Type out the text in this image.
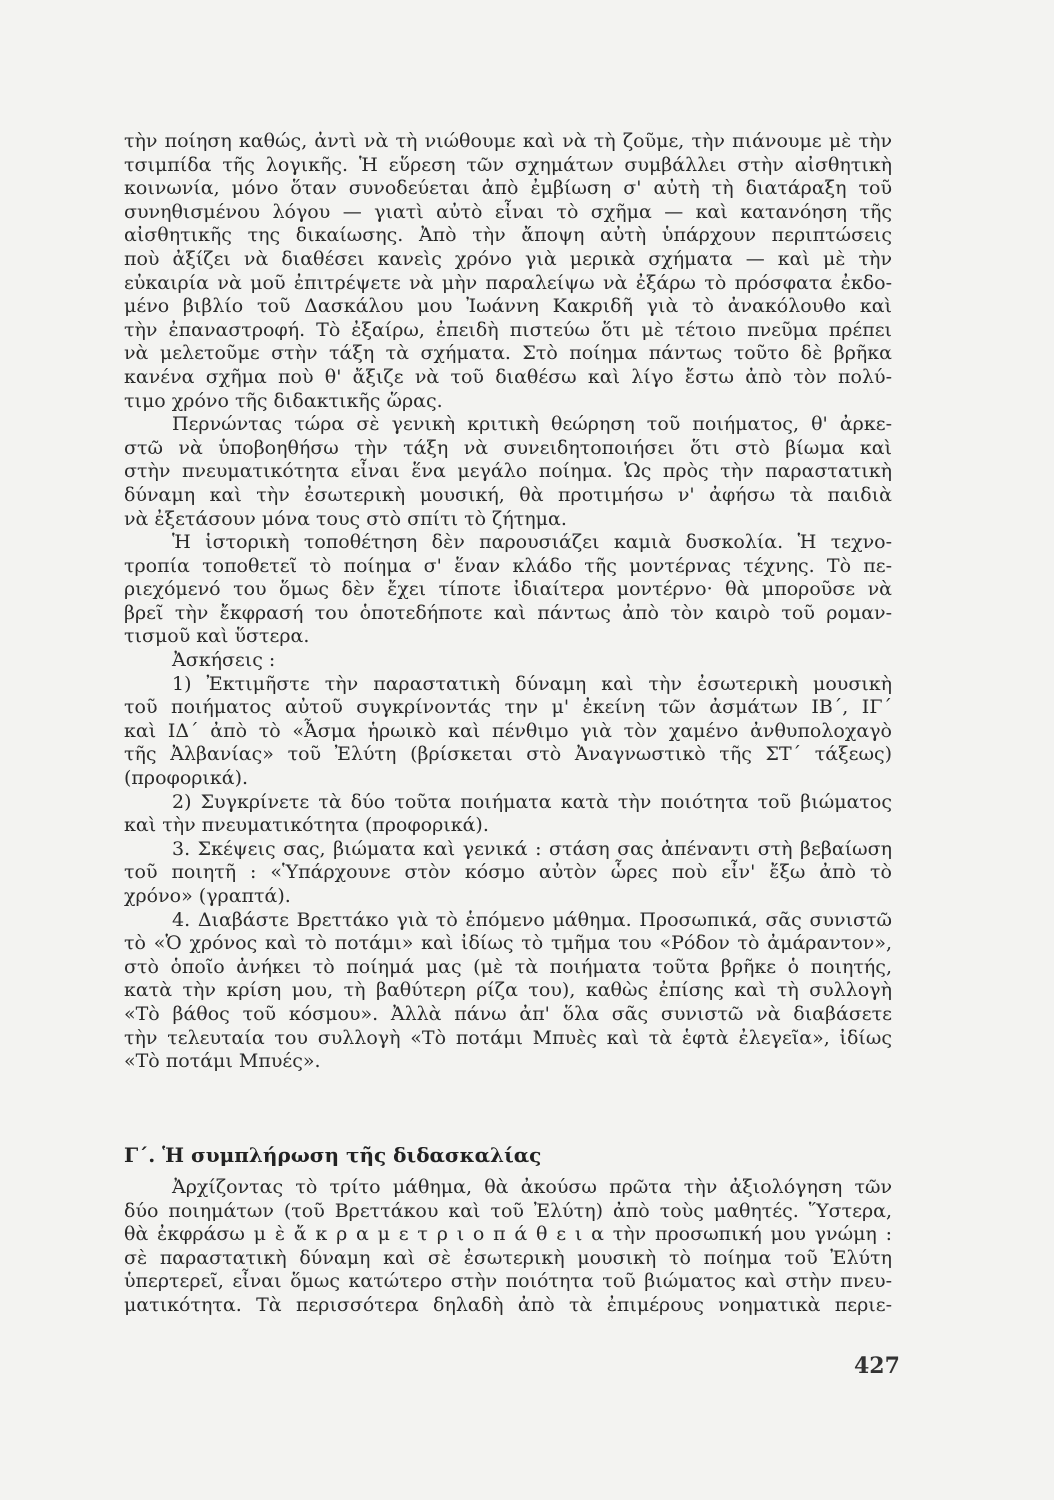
τὴν ποίηση καθώς, ἀντὶ νὰ τὴ νιώθουμε καὶ νὰ τὴ ζοῦμε, τὴν πιάνουμε μὲ τὴν
τσιμπίδα τῆς λογικῆς. Ἡ εὕρεση τῶν σχημάτων συμβάλλει στὴν αἰσθητικὴ
κοινωνία, μόνο ὅταν συνοδεύεται ἀπὸ ἐμβίωση σ' αὐτὴ τὴ διατάραξη τοῦ
συνηθισμένου λόγου — γιατὶ αὐτὸ εἶναι τὸ σχῆμα — καὶ κατανόηση τῆς
αἰσθητικῆς της δικαίωσης. Ἀπὸ τὴν ἄποψη αὐτὴ ὑπάρχουν περιπτώσεις
ποὺ ἀξίζει νὰ διαθέσει κανεὶς χρόνο γιὰ μερικὰ σχήματα — καὶ μὲ τὴν
εὐκαιρία νὰ μοῦ ἐπιτρέψετε νὰ μὴν παραλείψω νὰ ἐξάρω τὸ πρόσφατα ἐκδο-
μένο βιβλίο τοῦ Δασκάλου μου Ἰωάννη Κακριδῆ γιὰ τὸ ἀνακόλουθο καὶ
τὴν ἐπαναστροφή. Τὸ ἐξαίρω, ἐπειδὴ πιστεύω ὅτι μὲ τέτοιο πνεῦμα πρέπει
νὰ μελετοῦμε στὴν τάξη τὰ σχήματα. Στὸ ποίημα πάντως τοῦτο δὲ βρῆκα
κανένα σχῆμα ποὺ θ' ἄξιζε νὰ τοῦ διαθέσω καὶ λίγο ἔστω ἀπὸ τὸν πολύ-
τιμο χρόνο τῆς διδακτικῆς ὥρας.
Περνώντας τώρα σὲ γενικὴ κριτικὴ θεώρηση τοῦ ποιήματος, θ' ἀρκε-
στῶ νὰ ὑποβοηθήσω τὴν τάξη νὰ συνειδητοποιήσει ὅτι στὸ βίωμα καὶ
στὴν πνευματικότητα εἶναι ἕνα μεγάλο ποίημα. Ὡς πρὸς τὴν παραστατικὴ
δύναμη καὶ τὴν ἐσωτερικὴ μουσική, θὰ προτιμήσω ν' ἀφήσω τὰ παιδιὰ
νὰ ἐξετάσουν μόνα τους στὸ σπίτι τὸ ζήτημα.
Ἡ ἱστορικὴ τοποθέτηση δὲν παρουσιάζει καμιὰ δυσκολία. Ἡ τεχνο-
τροπία τοποθετεῖ τὸ ποίημα σ' ἕναν κλάδο τῆς μοντέρνας τέχνης. Τὸ πε-
ριεχόμενό του ὅμως δὲν ἔχει τίποτε ἰδιαίτερα μοντέρνο· θὰ μποροῦσε νὰ
βρεῖ τὴν ἔκφρασή του ὁποτεδήποτε καὶ πάντως ἀπὸ τὸν καιρὸ τοῦ ρομαν-
τισμοῦ καὶ ὕστερα.
Ἀσκήσεις :
1) Ἐκτιμῆστε τὴν παραστατικὴ δύναμη καὶ τὴν ἐσωτερικὴ μουσικὴ
τοῦ ποιήματος αὐτοῦ συγκρίνοντάς την μ' ἐκείνη τῶν ἀσμάτων ΙΒ΄, ΙΓ΄
καὶ ΙΔ΄ ἀπὸ τὸ «Ἆσμα ἡρωικὸ καὶ πένθιμο γιὰ τὸν χαμένο ἀνθυπολοχαγὸ
τῆς Ἀλβανίας» τοῦ Ἐλύτη (βρίσκεται στὸ Ἀναγνωστικὸ τῆς ΣΤ΄ τάξεως)
(προφορικά).
2) Συγκρίνετε τὰ δύο τοῦτα ποιήματα κατὰ τὴν ποιότητα τοῦ βιώματος
καὶ τὴν πνευματικότητα (προφορικά).
3. Σκέψεις σας, βιώματα καὶ γενικά : στάση σας ἀπέναντι στὴ βεβαίωση
τοῦ ποιητῆ : «Ὑπάρχουνε στὸν κόσμο αὐτὸν ὧρες ποὺ εἶν' ἔξω ἀπὸ τὸ
χρόνο» (γραπτά).
4. Διαβάστε Βρεττάκο γιὰ τὸ ἑπόμενο μάθημα. Προσωπικά, σᾶς συνιστῶ
τὸ «Ὁ χρόνος καὶ τὸ ποτάμι» καὶ ἰδίως τὸ τμῆμα του «Ρόδον τὸ ἀμάραντον»,
στὸ ὁποῖο ἀνήκει τὸ ποίημά μας (μὲ τὰ ποιήματα τοῦτα βρῆκε ὁ ποιητής,
κατὰ τὴν κρίση μου, τὴ βαθύτερη ρίζα του), καθὼς ἐπίσης καὶ τὴ συλλογὴ
«Τὸ βάθος τοῦ κόσμου». Ἀλλὰ πάνω ἀπ' ὅλα σᾶς συνιστῶ νὰ διαβάσετε
τὴν τελευταία του συλλογὴ «Τὸ ποτάμι Μπυὲς καὶ τὰ ἑφτὰ ἐλεγεῖα», ἰδίως
«Τὸ ποτάμι Μπυές».
Γ΄. Ἡ συμπλήρωση τῆς διδασκαλίας
Ἀρχίζοντας τὸ τρίτο μάθημα, θὰ ἀκούσω πρῶτα τὴν ἀξιολόγηση τῶν
δύο ποιημάτων (τοῦ Βρεττάκου καὶ τοῦ Ἐλύτη) ἀπὸ τοὺς μαθητές. Ὕστερα,
θὰ ἐκφράσω μ ὲ ἄ κ ρ α μ ε τ ρ ι ο π ά θ ε ι α τὴν προσωπική μου γνώμη :
σὲ παραστατικὴ δύναμη καὶ σὲ ἐσωτερικὴ μουσικὴ τὸ ποίημα τοῦ Ἐλύτη
ὑπερτερεῖ, εἶναι ὅμως κατώτερο στὴν ποιότητα τοῦ βιώματος καὶ στὴν πνευ-
ματικότητα. Τὰ περισσότερα δηλαδὴ ἀπὸ τὰ ἐπιμέρους νοηματικὰ περιε-
427
